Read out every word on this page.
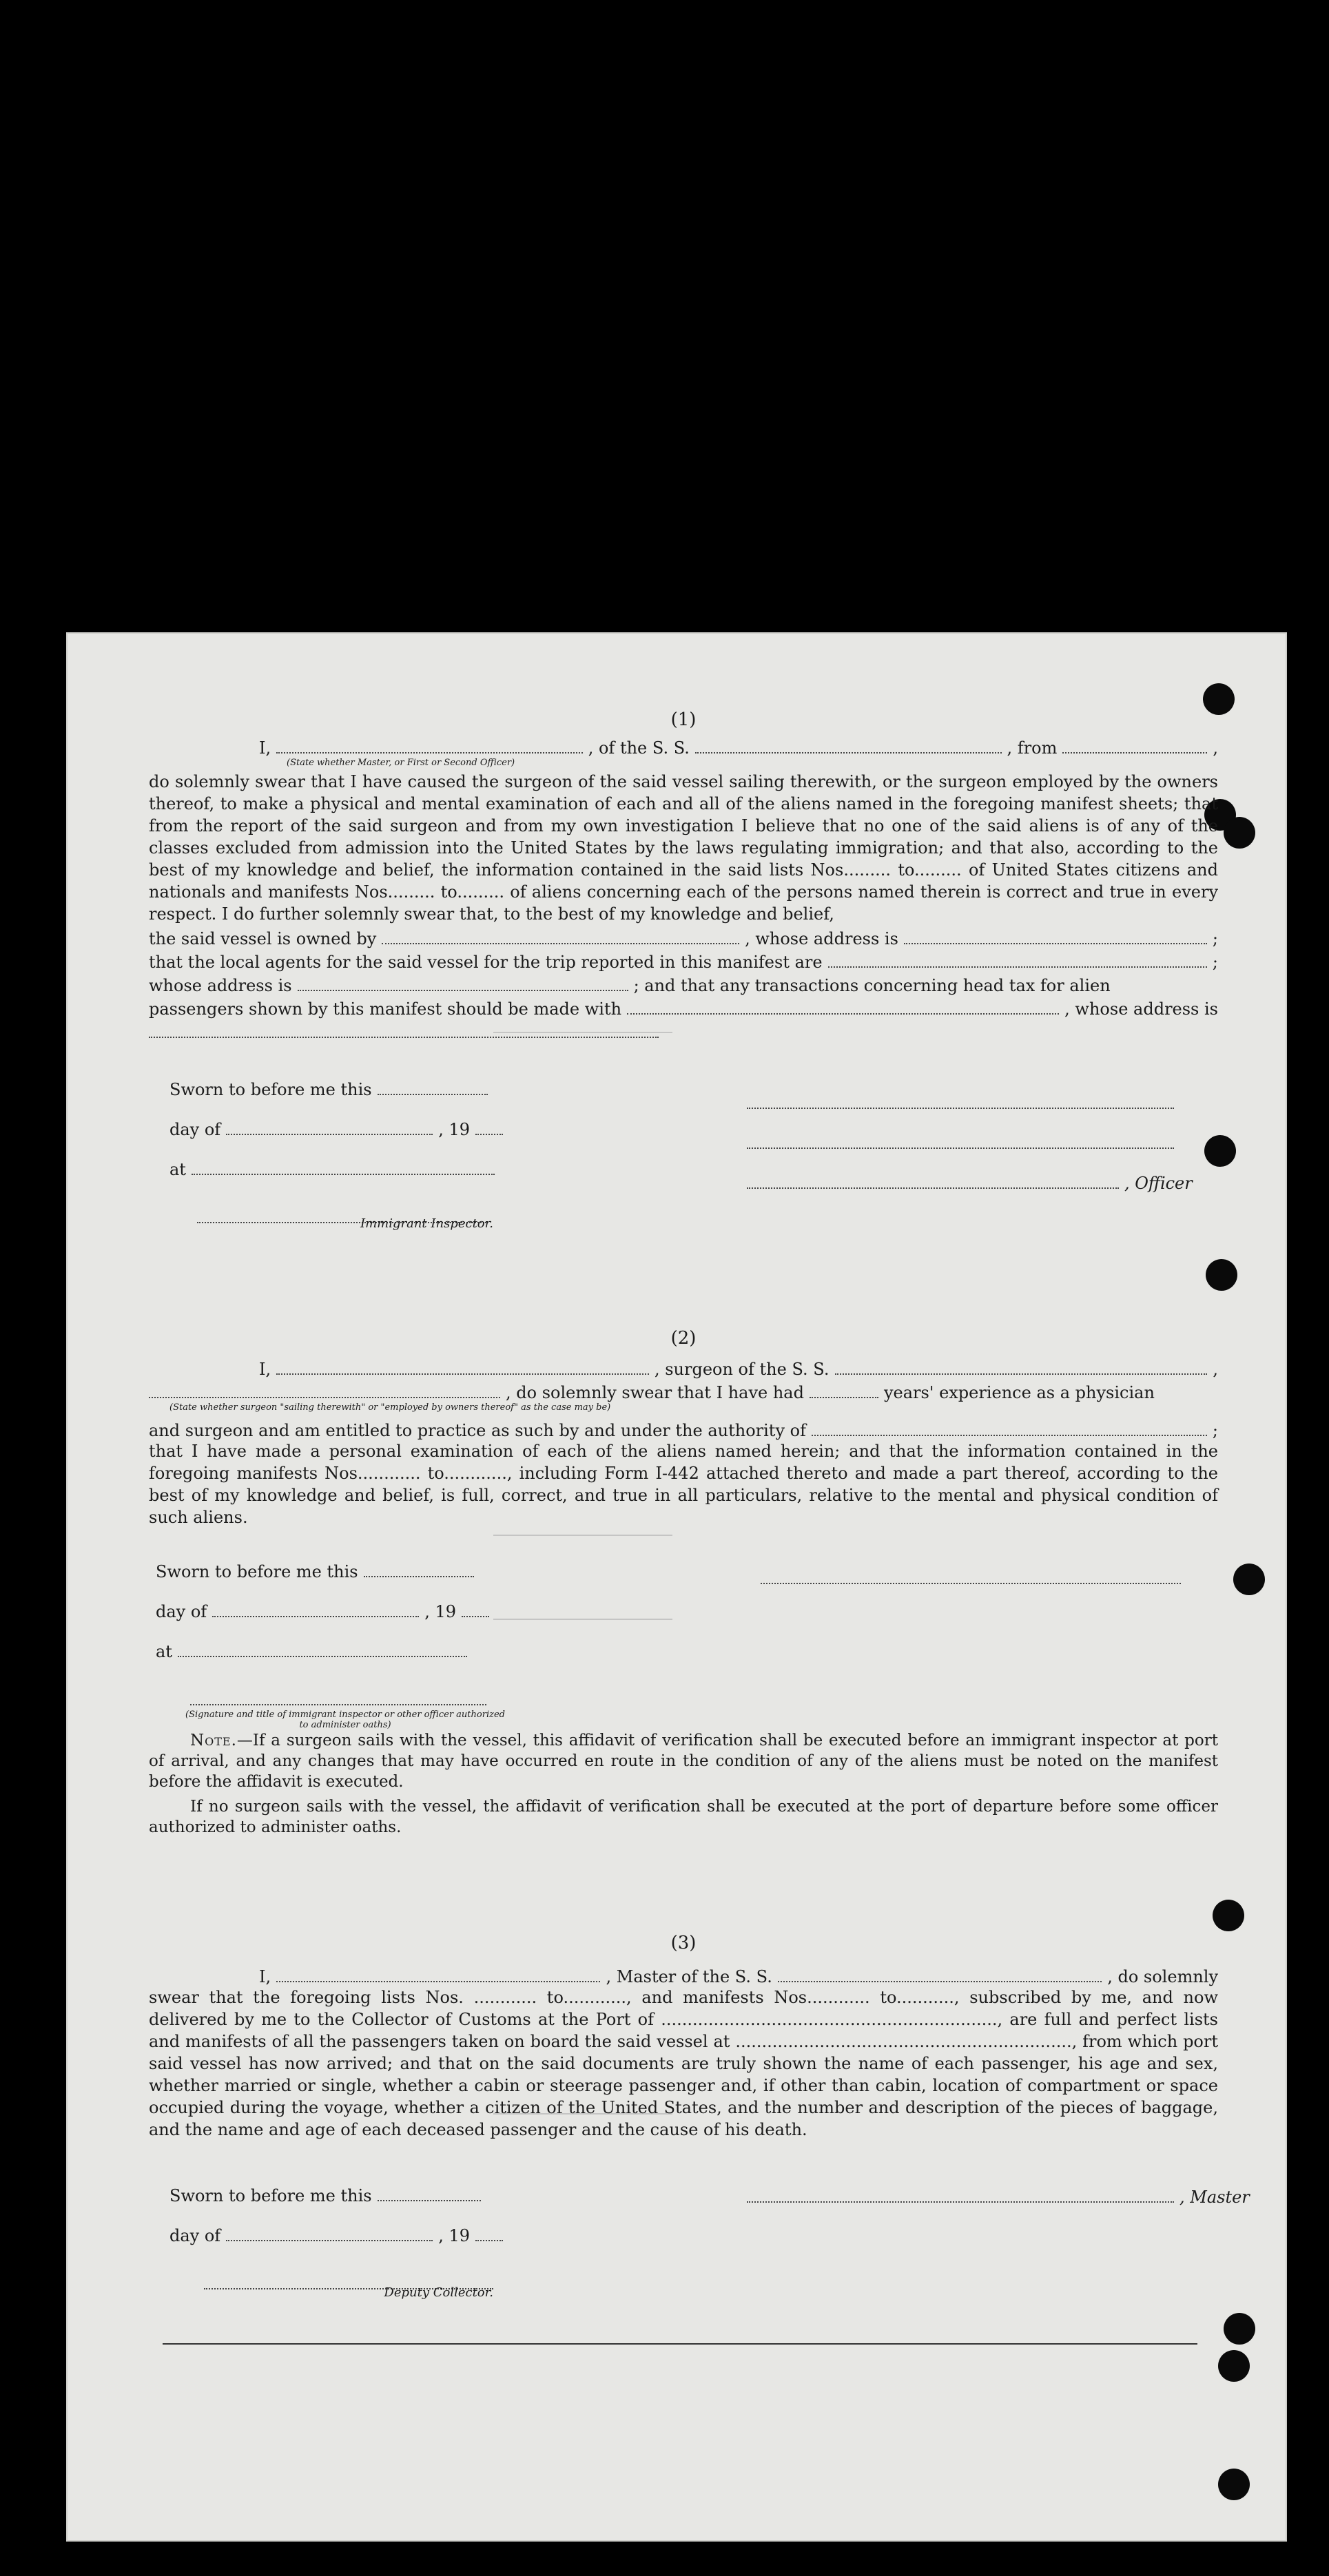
(1)
I,	, of the S. S.	, from	,
(State whether Master, or First or Second Officer)

do solemnly swear that I have caused the surgeon of the said vessel sailing therewith, or the surgeon employed by the owners thereof, to make a physical and mental examination of each and all of the aliens named in the foregoing manifest sheets; that from the report of the said surgeon and from my own investigation I believe that no one of the said aliens is of any of the classes excluded from admission into the United States by the laws regulating immigration; and that also, according to the best of my knowledge and belief, the information contained in the said lists Nos......... to......... of United States citizens and nationals and manifests Nos......... to......... of aliens concerning each of the persons named therein is correct and true in every respect. I do further solemnly swear that, to the best of my knowledge and belief,

the said vessel is owned by	, whose address is	;
that the local agents for the said vessel for the trip reported in this manifest are	;
whose address is	; and that any transactions concerning head tax for alien
passengers shown by this manifest should be made with	, whose address is
Sworn to before me this
day of	, 19
at
Immigrant Inspector.
, Officer
(2)
I,	, surgeon of the S. S.	,
, do solemnly swear that I have had	years' experience as a physician
(State whether surgeon "sailing therewith" or "employed by owners thereof" as the case may be)
and surgeon and am entitled to practice as such by and under the authority of	;

that I have made a personal examination of each of the aliens named herein; and that the information contained in the foregoing manifests Nos............ to............, including Form I-442 attached thereto and made a part thereof, according to the best of my knowledge and belief, is full, correct, and true in all particulars, relative to the mental and physical condition of such aliens.

Sworn to before me this
day of	, 19
at
(Signature and title of immigrant inspector or other officer authorized to administer oaths)

Note.—If a surgeon sails with the vessel, this affidavit of verification shall be executed before an immigrant inspector at port of arrival, and any changes that may have occurred en route in the condition of any of the aliens must be noted on the manifest before the affidavit is executed.

If no surgeon sails with the vessel, the affidavit of verification shall be executed at the port of departure before some officer authorized to administer oaths.

(3)
I,	, Master of the S. S.	, do solemnly

swear that the foregoing lists Nos. ............ to............, and manifests Nos............ to..........., subscribed by me, and now delivered by me to the Collector of Customs at the Port of ................................................................, are full and perfect lists and manifests of all the passengers taken on board the said vessel at ................................................................, from which port said vessel has now arrived; and that on the said documents are truly shown the name of each passenger, his age and sex, whether married or single, whether a cabin or steerage passenger and, if other than cabin, location of compartment or space occupied during the voyage, whether a citizen of the United States, and the number and description of the pieces of baggage, and the name and age of each deceased passenger and the cause of his death.

Sworn to before me this
day of	, 19
Deputy Collector.
, Master
